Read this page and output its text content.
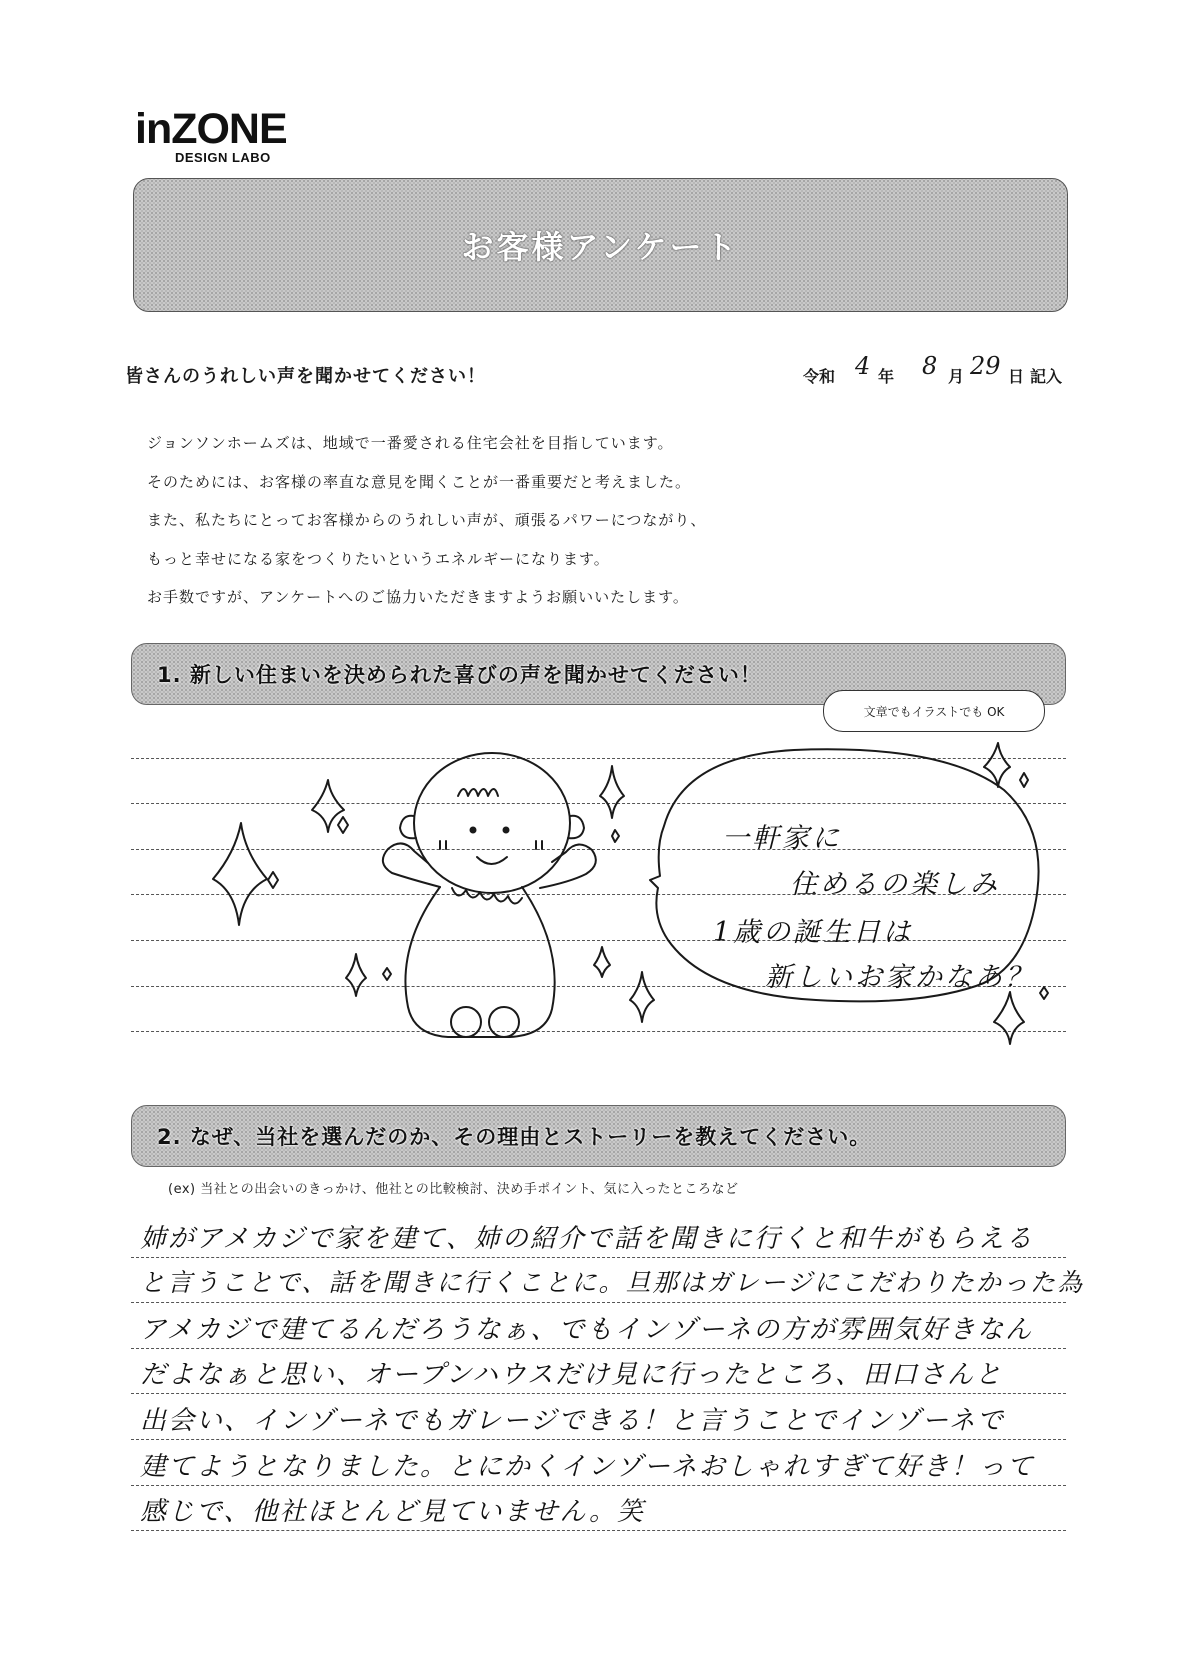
inZONE
DESIGN LABO
お客様アンケート
皆さんのうれしい声を聞かせてください！	令和 4 年 8 月 29 日 記入

ジョンソンホームズは、地域で一番愛される住宅会社を目指しています。

そのためには、お客様の率直な意見を聞くことが一番重要だと考えました。

また、私たちにとってお客様からのうれしい声が、頑張るパワーにつながり、

もっと幸せになる家をつくりたいというエネルギーになります。

お手数ですが、アンケートへのご協力いただきますようお願いいたします。

1. 新しい住まいを決められた喜びの声を聞かせてください！
文章でもイラストでも OK
一軒家に
住めるの楽しみ
1歳の誕生日は
新しいお家かなあ？
2. なぜ、当社を選んだのか、その理由とストーリーを教えてください。
(ex) 当社との出会いのきっかけ、他社との比較検討、決め手ポイント、気に入ったところなど
姉がアメカジで家を建て、姉の紹介で話を聞きに行くと和牛がもらえる
と言うことで、話を聞きに行くことに。旦那はガレージにこだわりたかった為
アメカジで建てるんだろうなぁ、でもインゾーネの方が雰囲気好きなん
だよなぁと思い、オープンハウスだけ見に行ったところ、田口さんと
出会い、インゾーネでもガレージできる！と言うことでインゾーネで
建てようとなりました。とにかくインゾーネおしゃれすぎて好き！って
感じで、他社ほとんど見ていません。笑
